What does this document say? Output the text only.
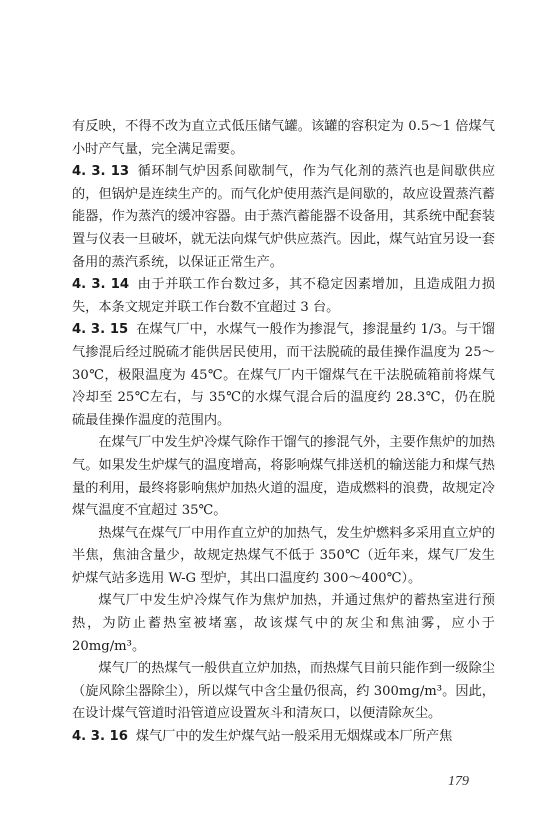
有反映，不得不改为直立式低压储气罐。该罐的容积定为 0.5～1 倍煤气小时产气量，完全满足需要。

4. 3. 13 循环制气炉因系间歇制气，作为气化剂的蒸汽也是间歇供应的，但锅炉是连续生产的。而气化炉使用蒸汽是间歇的，故应设置蒸汽蓄能器，作为蒸汽的缓冲容器。由于蒸汽蓄能器不设备用，其系统中配套装置与仪表一旦破坏，就无法向煤气炉供应蒸汽。因此，煤气站宜另设一套备用的蒸汽系统，以保证正常生产。

4. 3. 14 由于并联工作台数过多，其不稳定因素增加，且造成阻力损失，本条文规定并联工作台数不宜超过 3 台。

4. 3. 15 在煤气厂中，水煤气一般作为掺混气，掺混量约 1/3。与干馏气掺混后经过脱硫才能供居民使用，而干法脱硫的最佳操作温度为 25～30℃，极限温度为 45℃。在煤气厂内干馏煤气在干法脱硫箱前将煤气冷却至 25℃左右，与 35℃的水煤气混合后的温度约 28.3℃，仍在脱硫最佳操作温度的范围内。

在煤气厂中发生炉冷煤气除作干馏气的掺混气外，主要作焦炉的加热气。如果发生炉煤气的温度增高，将影响煤气排送机的输送能力和煤气热量的利用，最终将影响焦炉加热火道的温度，造成燃料的浪费，故规定冷煤气温度不宜超过 35℃。

热煤气在煤气厂中用作直立炉的加热气，发生炉燃料多采用直立炉的半焦，焦油含量少，故规定热煤气不低于 350℃（近年来，煤气厂发生炉煤气站多选用 W-G 型炉，其出口温度约 300～400℃）。

煤气厂中发生炉冷煤气作为焦炉加热，并通过焦炉的蓄热室进行预热，为防止蓄热室被堵塞，故该煤气中的灰尘和焦油雾，应小于 20mg/m³。

煤气厂的热煤气一般供直立炉加热，而热煤气目前只能作到一级除尘（旋风除尘器除尘），所以煤气中含尘量仍很高，约 300mg/m³。因此，在设计煤气管道时沿管道应设置灰斗和清灰口，以便清除灰尘。

4. 3. 16 煤气厂中的发生炉煤气站一般采用无烟煤或本厂所产焦

179
